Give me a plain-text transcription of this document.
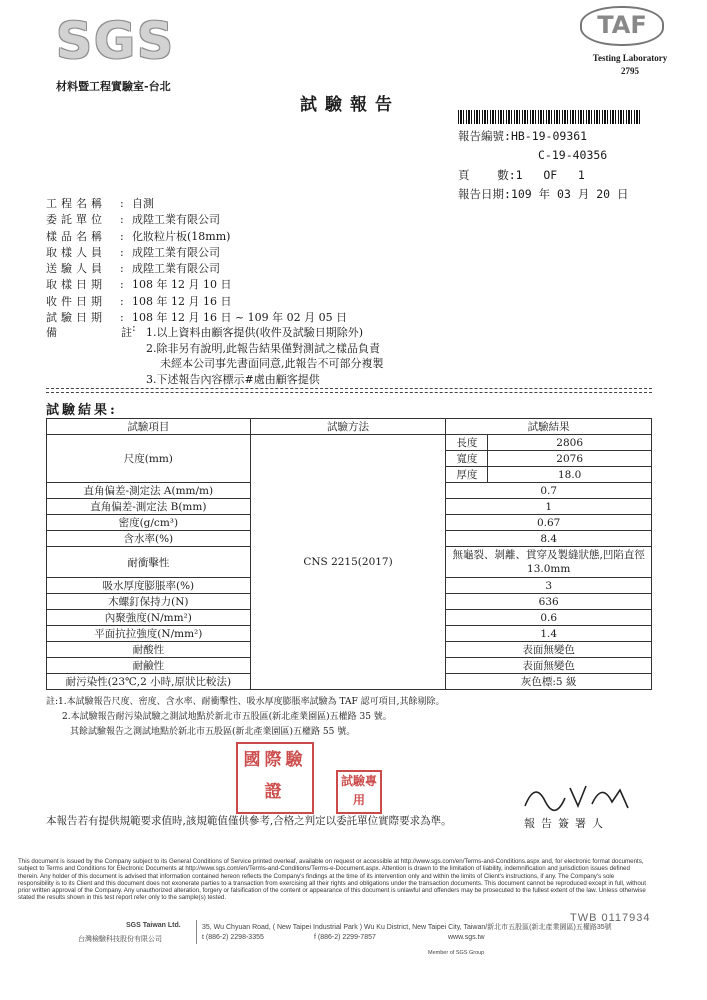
SGS
材料暨工程實驗室-台北
TAF
Testing Laboratory
2795
試驗報告
報告編號:HB-19-09361
C-19-40356
頁    數:1   OF   1
報告日期:109 年 03 月 20 日
工程名稱	: 自測
委託單位	: 成陞工業有限公司
樣品名稱	: 化妝粒片板(18mm)
取樣人員	: 成陞工業有限公司
送驗人員	: 成陞工業有限公司
取樣日期	: 108 年 12 月 10 日
收件日期	: 108 年 12 月 16 日
試驗日期	: 108 年 12 月 16 日 ~ 109 年 02 月 05 日
備	註 : 1.以上資料由顧客提供(收件及試驗日期除外)
2.除非另有說明,此報告結果僅對測試之樣品負責
未經本公司事先書面同意,此報告不可部分複製
3.下述報告內容標示#處由顧客提供
試驗結果:
試驗項目	試驗方法	試驗結果	
尺度(mm)	CNS 2215(2017)	長度	2806
		寬度	2076
		厚度	18.0
直角偏差-測定法 A(mm/m)		0.7	
直角偏差-測定法 B(mm)		1	
密度(g/cm³)		0.67	
含水率(%)		8.4	
耐衝擊性		無龜裂、剝離、貫穿及製縫狀態,凹陷直徑 13.0mm	
吸水厚度膨脹率(%)		3	
木螺釘保持力(N)		636	
內聚強度(N/mm²)		0.6	
平面抗拉強度(N/mm²)		1.4	
耐酸性		表面無變色	
耐鹼性		表面無變色	
耐污染性(23℃,2 小時,原狀比較法)		灰色標:5 級	
註:1.本試驗報告尺度、密度、含水率、耐衝擊性、吸水厚度膨脹率試驗為 TAF 認可項目,其餘剔除。
2.本試驗報告耐污染試驗之測試地點於新北市五股區(新北產業園區)五權路 35 號。
其餘試驗報告之測試地點於新北市五股區(新北產業園區)五權路 55 號。
國際驗證
試驗專用
本報告若有提供規範要求值時,該規範值僅供參考,合格之判定以委託單位實際要求為準。	報告簽署人
This document is issued by the Company subject to its General Conditions of Service printed overleaf, available on request or accessible at http://www.sgs.com/en/Terms-and-Conditions.aspx and, for electronic format documents, subject to Terms and Conditions for Electronic Documents at http://www.sgs.com/en/Terms-and-Conditions/Terms-e-Document.aspx. Attention is drawn to the limitation of liability, indemnification and jurisdiction issues defined therein. Any holder of this document is advised that information contained hereon reflects the Company's findings at the time of its intervention only and within the limits of Client's instructions, if any. The Company's sole responsibility is to its Client and this document does not exonerate parties to a transaction from exercising all their rights and obligations under the transaction documents. This document cannot be reproduced except in full, without prior written approval of the Company. Any unauthorized alteration, forgery or falsification of the content or appearance of this document is unlawful and offenders may be prosecuted to the fullest extent of the law. Unless otherwise stated the results shown in this test report refer only to the sample(s) tested.
TWB 0117934
SGS Taiwan Ltd.
台灣檢驗科技股份有限公司
35, Wu Chyuan Road, ( New Taipei Industrial Park ) Wu Ku District, New Taipei City, Taiwan/新北市五股區(新北產業園區)五權路35號
t (886-2) 2298-3355	f (886-2) 2299-7857	www.sgs.tw
Member of SGS Group
